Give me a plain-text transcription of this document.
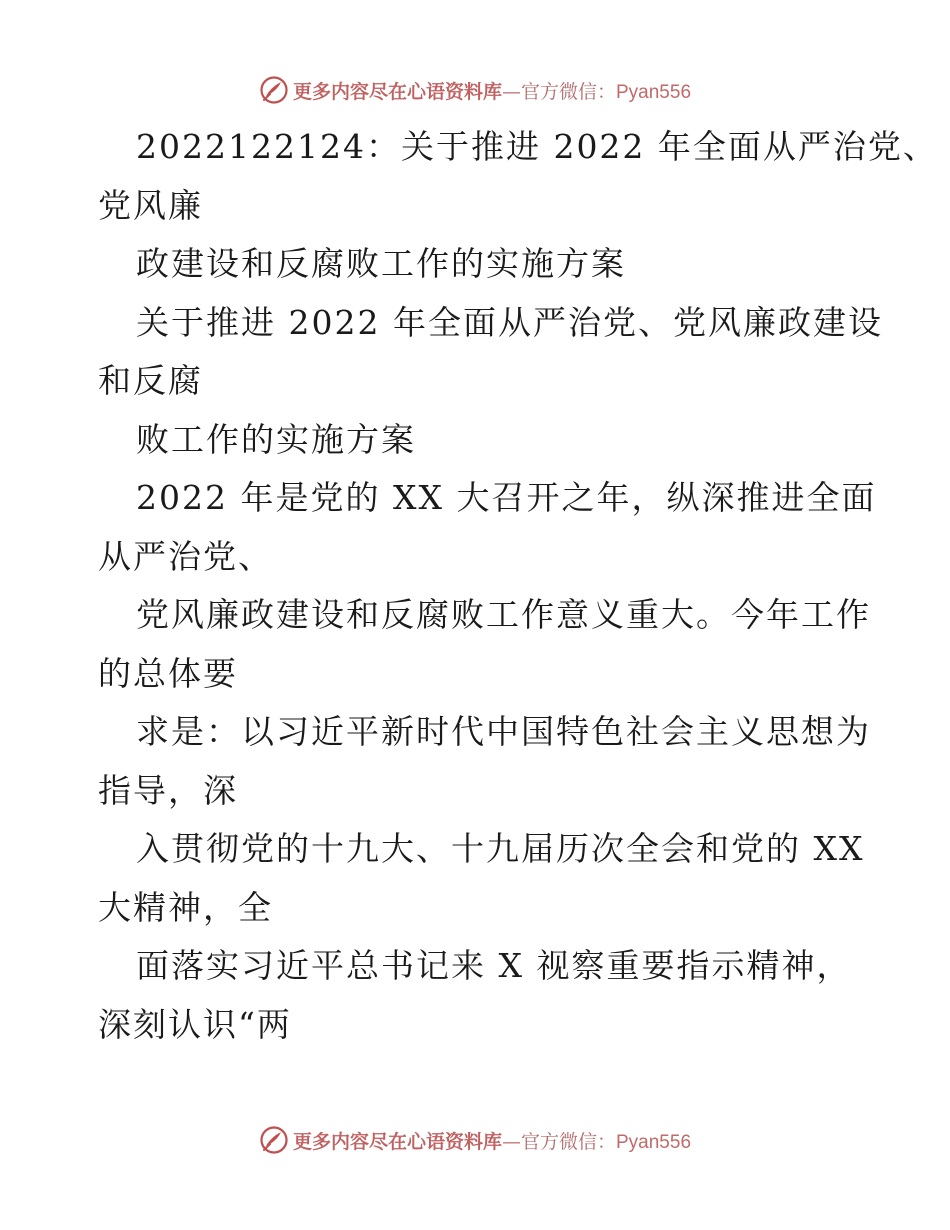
更多内容尽在心语资料库—官方微信：Pyan556
2022122124：关于推进 2022 年全面从严治党、
党风廉
政建设和反腐败工作的实施方案
关于推进 2022 年全面从严治党、党风廉政建设
和反腐
败工作的实施方案
2022 年是党的 XX 大召开之年，纵深推进全面
从严治党、
党风廉政建设和反腐败工作意义重大。今年工作
的总体要
求是：以习近平新时代中国特色社会主义思想为
指导，深
入贯彻党的十九大、十九届历次全会和党的 XX
大精神，全
面落实习近平总书记来 X 视察重要指示精神，
深刻认识“两
更多内容尽在心语资料库—官方微信：Pyan556
